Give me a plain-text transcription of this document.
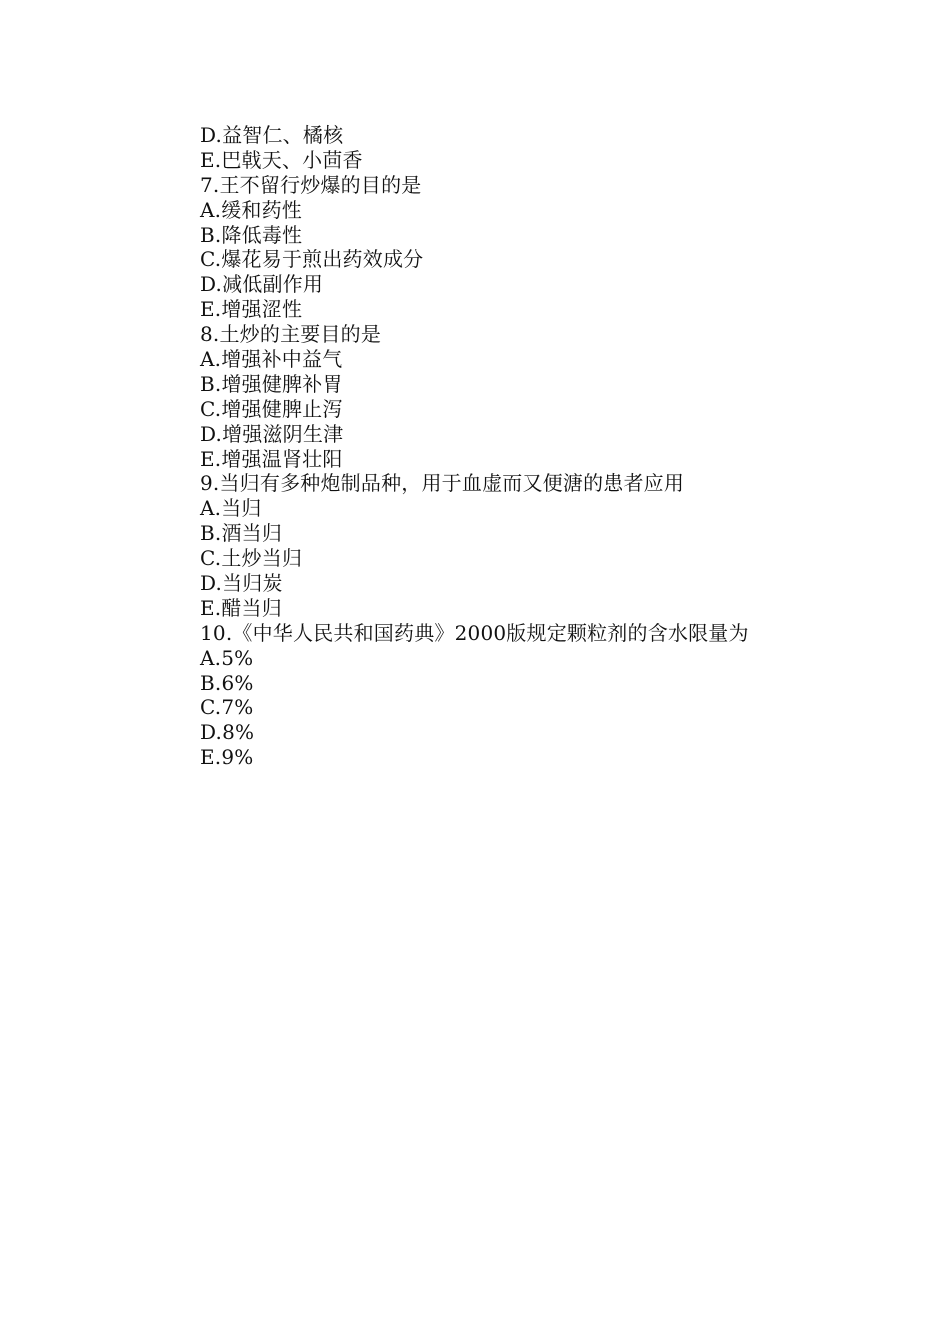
D.益智仁、橘核
E.巴戟天、小茴香
7.王不留行炒爆的目的是
A.缓和药性
B.降低毒性
C.爆花易于煎出药效成分
D.减低副作用
E.增强涩性
8.土炒的主要目的是
A.增强补中益气
B.增强健脾补胃
C.增强健脾止泻
D.增强滋阴生津
E.增强温肾壮阳
9.当归有多种炮制品种，用于血虚而又便溏的患者应用
A.当归
B.酒当归
C.土炒当归
D.当归炭
E.醋当归
10.《中华人民共和国药典》2000版规定颗粒剂的含水限量为
A.5%
B.6%
C.7%
D.8%
E.9%
